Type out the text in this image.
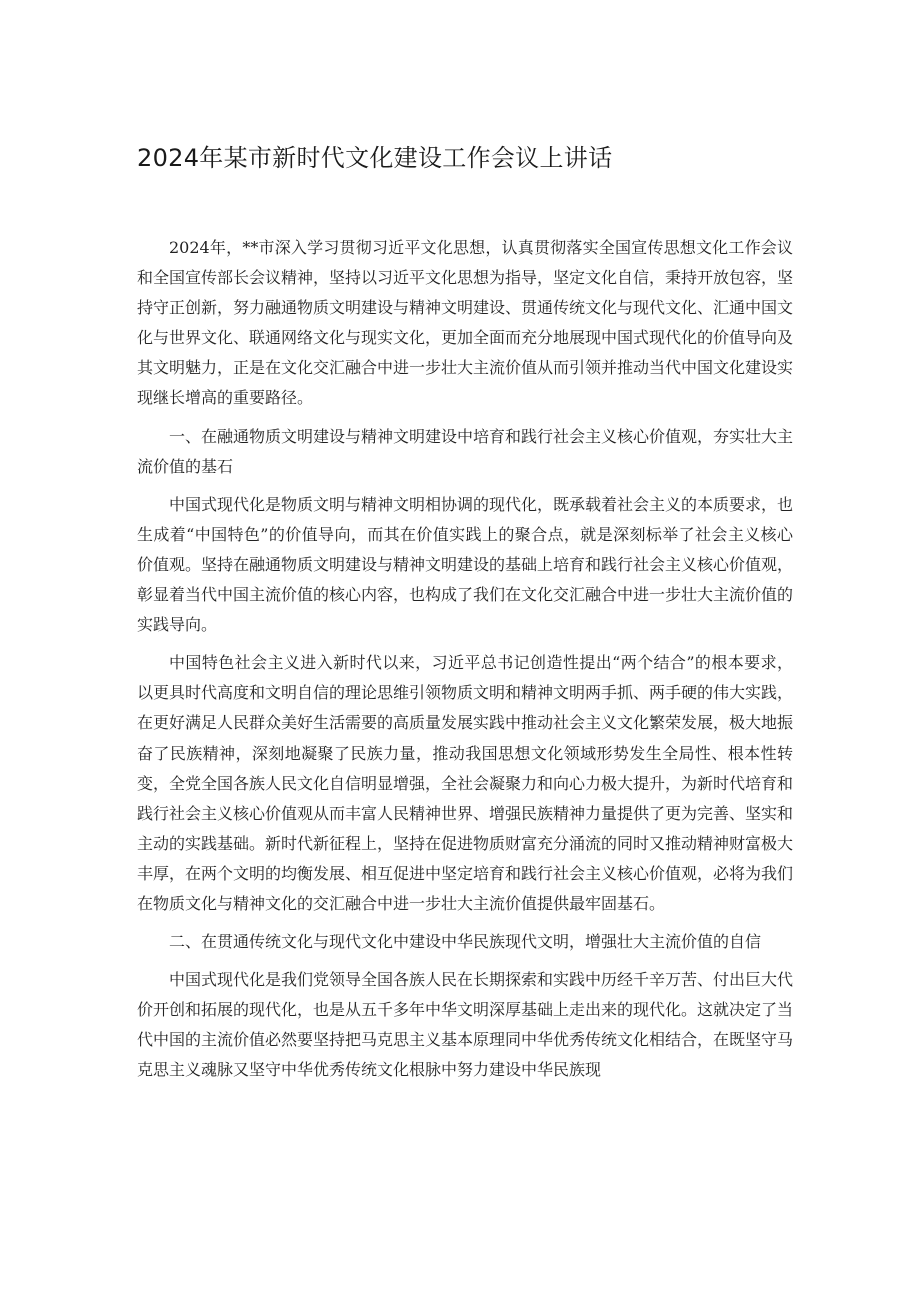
2024年某市新时代文化建设工作会议上讲话

2024年，**市深入学习贯彻习近平文化思想，认真贯彻落实全国宣传思想文化工作会议和全国宣传部长会议精神，坚持以习近平文化思想为指导，坚定文化自信，秉持开放包容，坚持守正创新，努力融通物质文明建设与精神文明建设、贯通传统文化与现代文化、汇通中国文化与世界文化、联通网络文化与现实文化，更加全面而充分地展现中国式现代化的价值导向及其文明魅力，正是在文化交汇融合中进一步壮大主流价值从而引领并推动当代中国文化建设实现继长增高的重要路径。

一、在融通物质文明建设与精神文明建设中培育和践行社会主义核心价值观，夯实壮大主流价值的基石

中国式现代化是物质文明与精神文明相协调的现代化，既承载着社会主义的本质要求，也生成着“中国特色”的价值导向，而其在价值实践上的聚合点，就是深刻标举了社会主义核心价值观。坚持在融通物质文明建设与精神文明建设的基础上培育和践行社会主义核心价值观，彰显着当代中国主流价值的核心内容，也构成了我们在文化交汇融合中进一步壮大主流价值的实践导向。

中国特色社会主义进入新时代以来，习近平总书记创造性提出“两个结合”的根本要求，以更具时代高度和文明自信的理论思维引领物质文明和精神文明两手抓、两手硬的伟大实践，在更好满足人民群众美好生活需要的高质量发展实践中推动社会主义文化繁荣发展，极大地振奋了民族精神，深刻地凝聚了民族力量，推动我国思想文化领域形势发生全局性、根本性转变，全党全国各族人民文化自信明显增强，全社会凝聚力和向心力极大提升，为新时代培育和践行社会主义核心价值观从而丰富人民精神世界、增强民族精神力量提供了更为完善、坚实和主动的实践基础。新时代新征程上，坚持在促进物质财富充分涌流的同时又推动精神财富极大丰厚，在两个文明的均衡发展、相互促进中坚定培育和践行社会主义核心价值观，必将为我们在物质文化与精神文化的交汇融合中进一步壮大主流价值提供最牢固基石。

二、在贯通传统文化与现代文化中建设中华民族现代文明，增强壮大主流价值的自信

中国式现代化是我们党领导全国各族人民在长期探索和实践中历经千辛万苦、付出巨大代价开创和拓展的现代化，也是从五千多年中华文明深厚基础上走出来的现代化。这就决定了当代中国的主流价值必然要坚持把马克思主义基本原理同中华优秀传统文化相结合，在既坚守马克思主义魂脉又坚守中华优秀传统文化根脉中努力建设中华民族现
